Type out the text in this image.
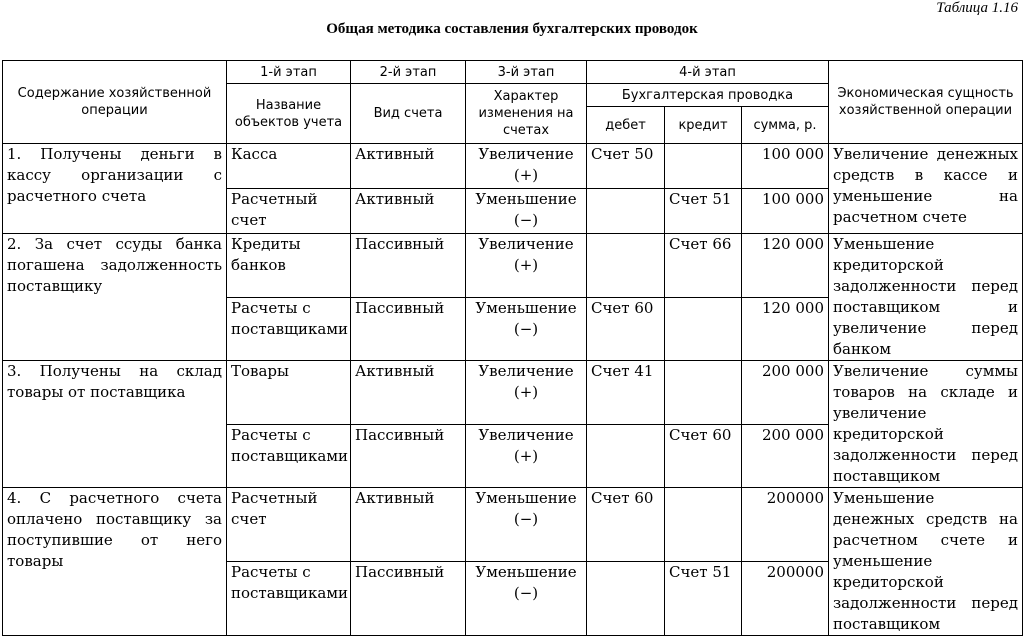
Таблица 1.16
Общая методика составления бухгалтерских проводок
Содержание хозяйственной операции	1-й этап	2-й этап	3-й этап	4-й этап			Экономическая сущность хозяйственной операции
	Название объектов учета	Вид счета	Характер изменения на счетах	Бухгалтерская проводка			
				дебет	кредит	сумма, р.	
1. Получены деньги в кассу организации с расчетного счета	Касса	Активный	Увеличение (+)	Счет 50		100 000	Увеличение денежных средств в кассе и уменьшение на расчетном счете
	Расчетный счет	Активный	Уменьшение (−)		Счет 51	100 000	
2. За счет ссуды банка погашена задолженность поставщику	Кредиты банков	Пассивный	Увеличение (+)		Счет 66	120 000	Уменьшение кредиторской задолженности перед поставщиком и увеличение перед банком
	Расчеты с поставщиками	Пассивный	Уменьшение (−)	Счет 60		120 000	
3. Получены на склад товары от поставщика	Товары	Активный	Увеличение (+)	Счет 41		200 000	Увеличение суммы товаров на складе и увеличение кредиторской задолженности перед поставщиком
	Расчеты с поставщиками	Пассивный	Увеличение (+)		Счет 60	200 000	
4. С расчетного счета оплачено поставщику за поступившие от него товары	Расчетный счет	Активный	Уменьшение (−)	Счет 60		200000	Уменьшение денежных средств на расчетном счете и уменьшение кредиторской задолженности перед поставщиком
	Расчеты с поставщиками	Пассивный	Уменьшение (−)		Счет 51	200000	
